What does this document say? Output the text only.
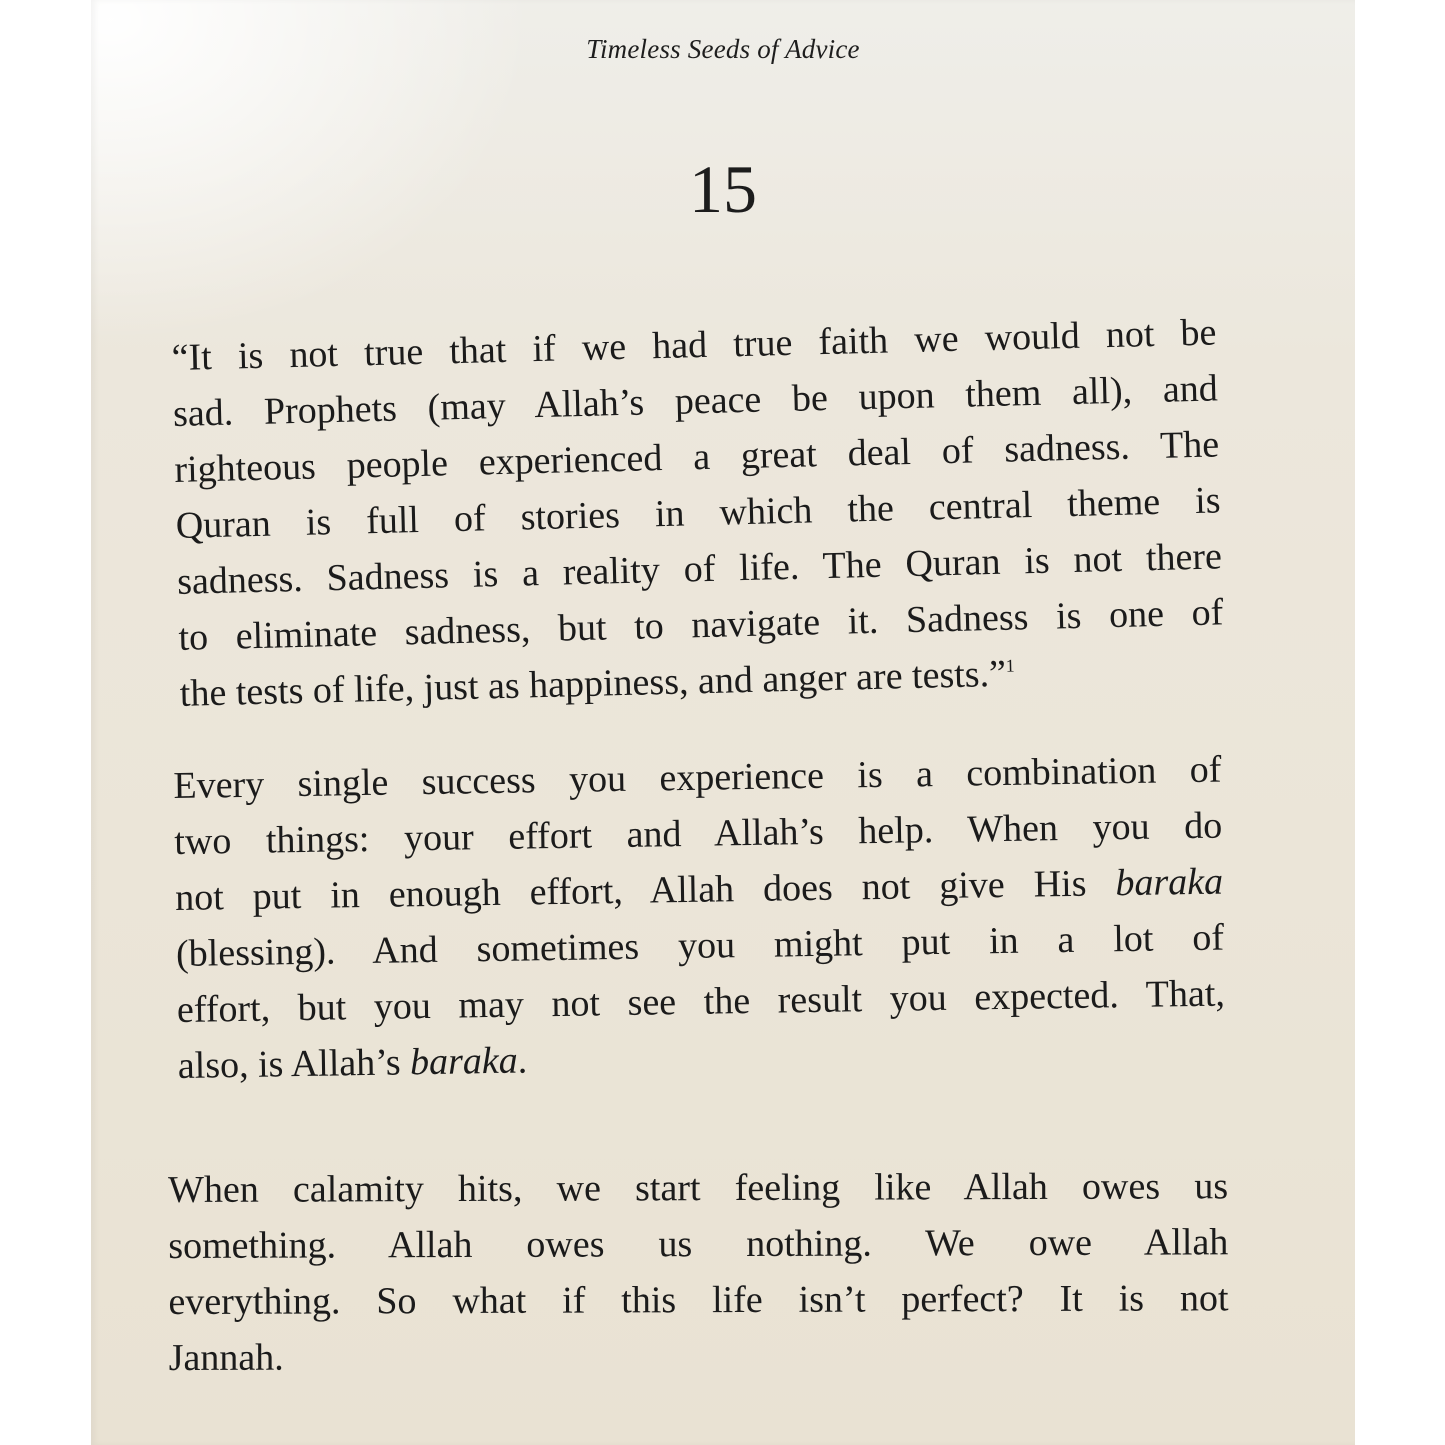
Timeless Seeds of Advice
15
“It is not true that if we had true faith we would not be
sad. Prophets (may Allah’s peace be upon them all), and
righteous people experienced a great deal of sadness. The
Quran is full of stories in which the central theme is
sadness. Sadness is a reality of life. The Quran is not there
to eliminate sadness, but to navigate it. Sadness is one of
the tests of life, just as happiness, and anger are tests.”$^1$
Every single success you experience is a combination of
two things: your effort and Allah’s help. When you do
not put in enough effort, Allah does not give His baraka
(blessing). And sometimes you might put in a lot of
effort, but you may not see the result you expected. That,
also, is Allah’s baraka.
When calamity hits, we start feeling like Allah owes us
something. Allah owes us nothing. We owe Allah
everything. So what if this life isn’t perfect? It is not
Jannah.
